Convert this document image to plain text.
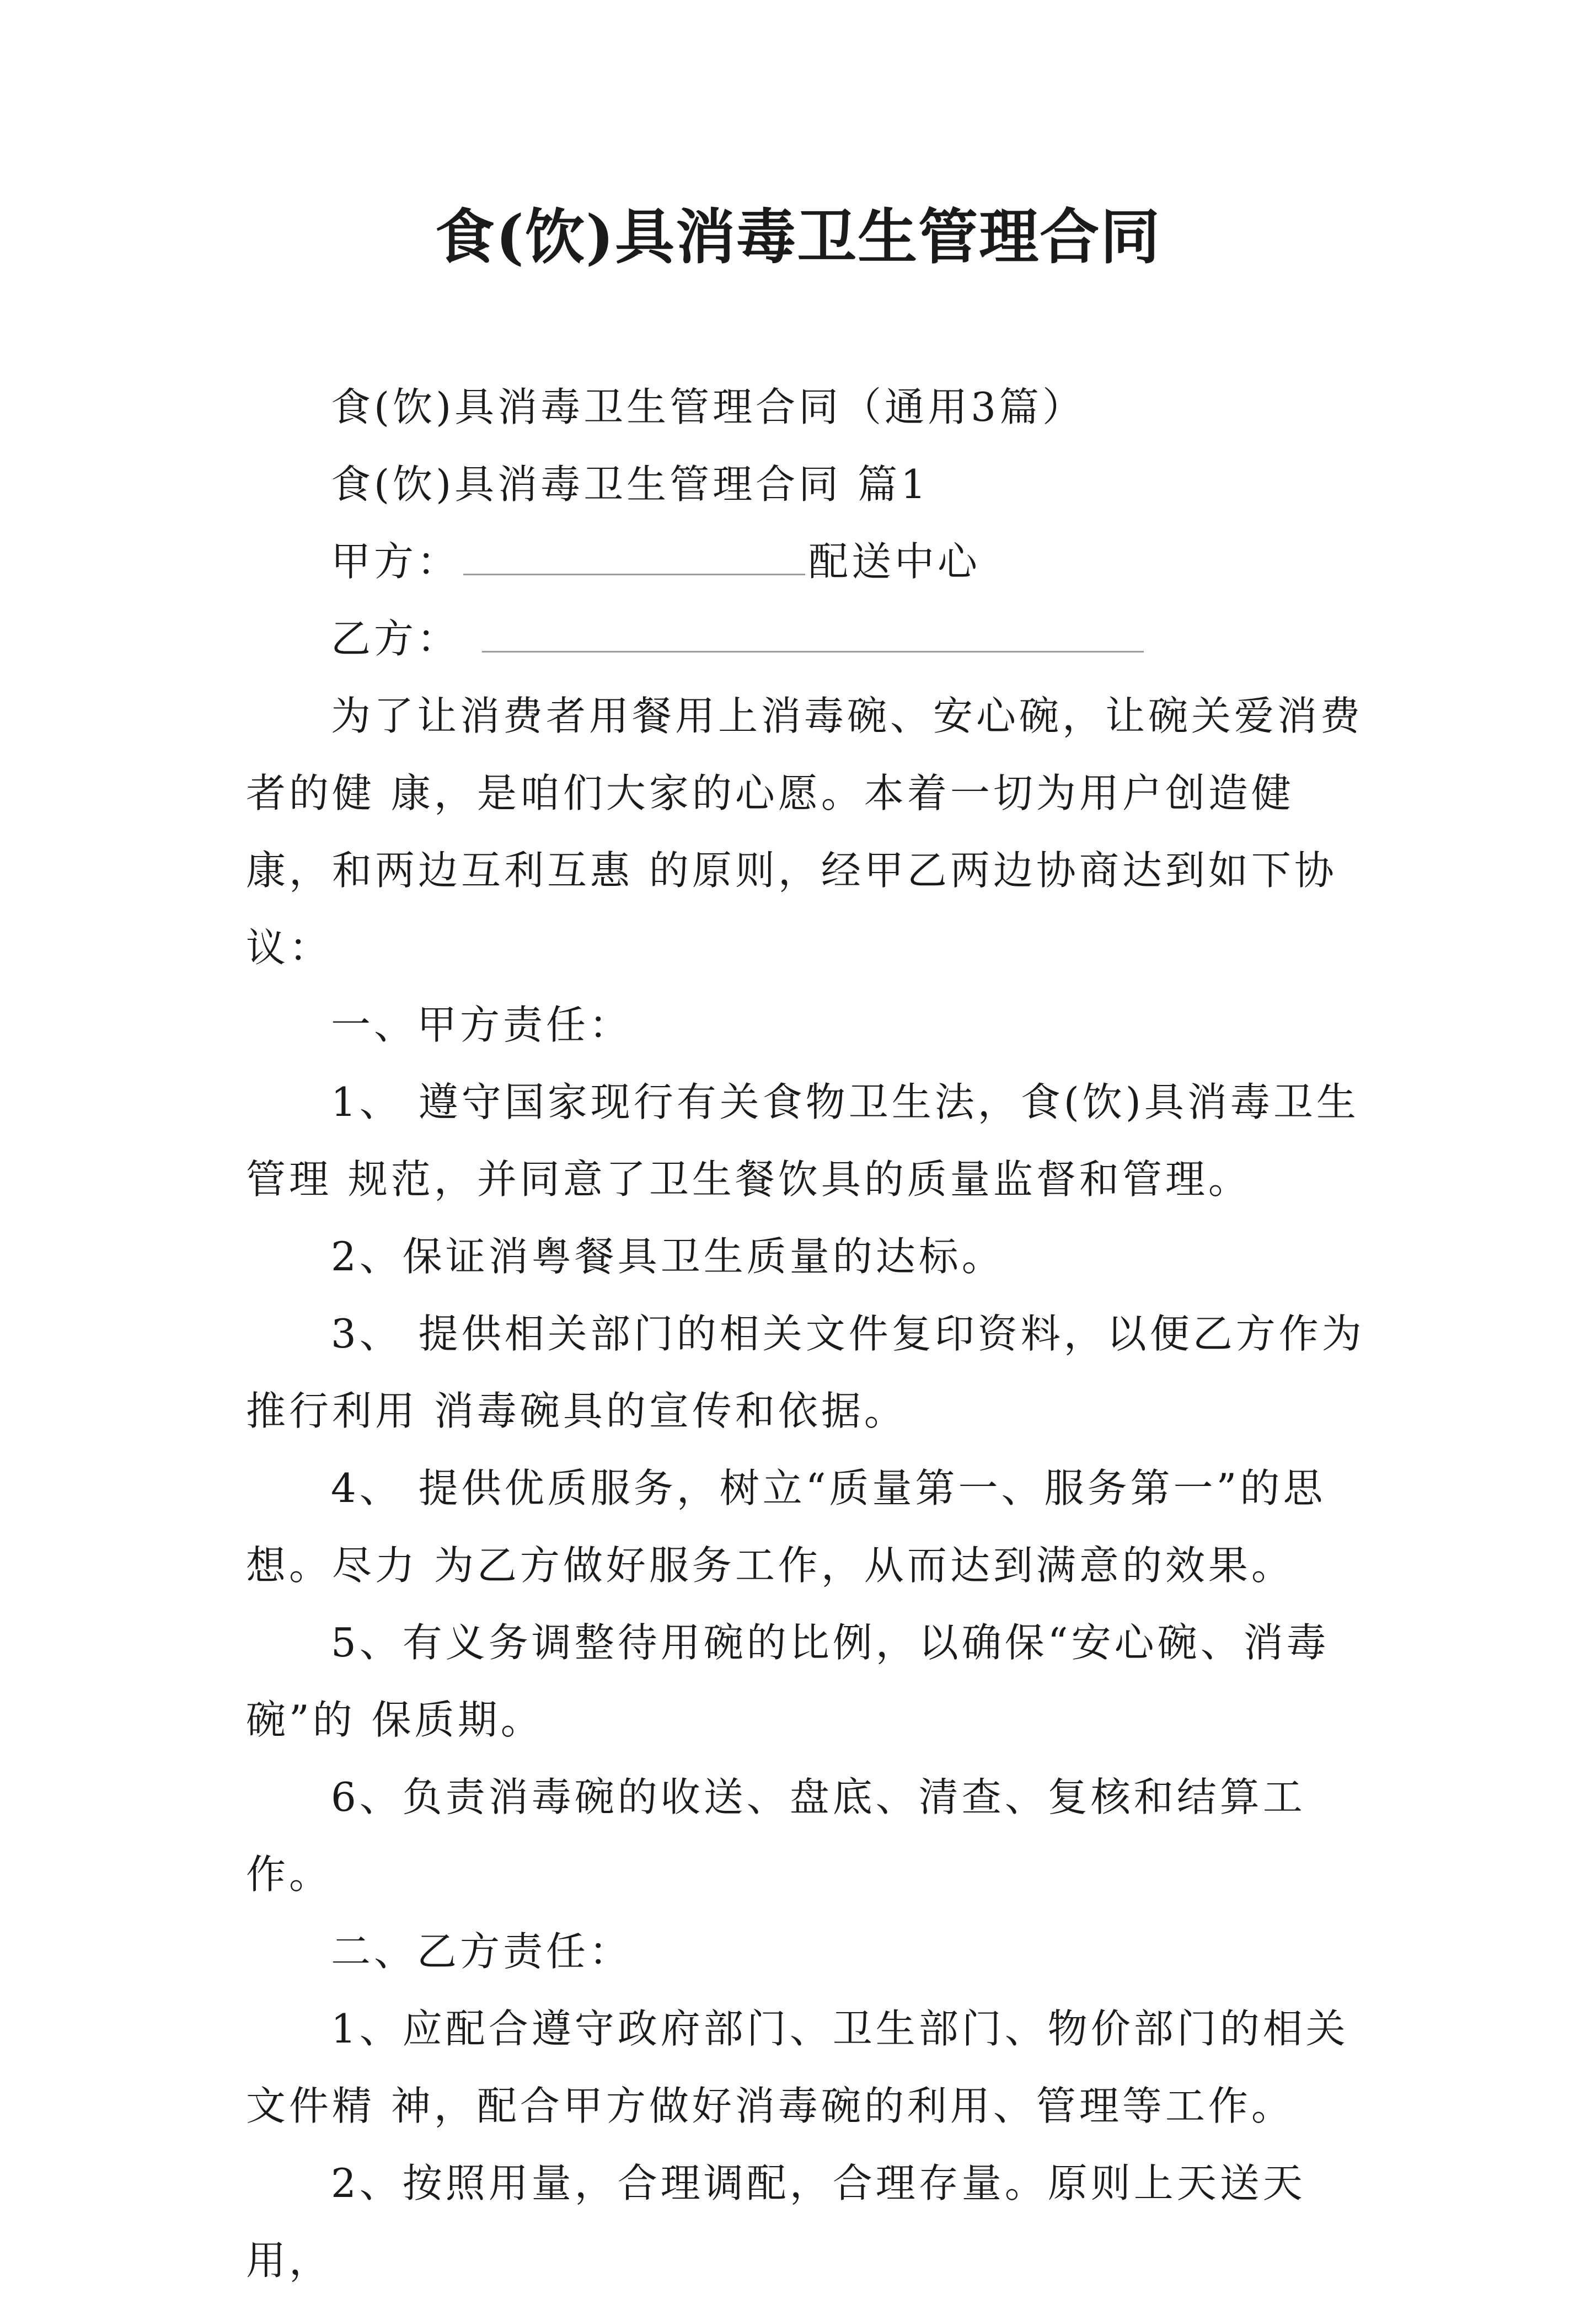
食(饮)具消毒卫生管理合同

食(饮)具消毒卫生管理合同（通用3篇）

食(饮)具消毒卫生管理合同 篇1

甲方：	配送中心

乙方：

为了让消费者用餐用上消毒碗、安心碗，让碗关爱消费者的健 康，是咱们大家的心愿。本着一切为用户创造健康，和两边互利互惠 的原则，经甲乙两边协商达到如下协议：

一、甲方责任：

1、 遵守国家现行有关食物卫生法，食(饮)具消毒卫生管理 规范，并同意了卫生餐饮具的质量监督和管理。

2、保证消粤餐具卫生质量的达标。

3、 提供相关部门的相关文件复印资料，以便乙方作为推行利用 消毒碗具的宣传和依据。

4、 提供优质服务，树立“质量第一、服务第一”的思想。尽力 为乙方做好服务工作，从而达到满意的效果。

5、有义务调整待用碗的比例，以确保“安心碗、消毒碗”的 保质期。

6、负责消毒碗的收送、盘底、清查、复核和结算工作。

二、乙方责任：

1、应配合遵守政府部门、卫生部门、物价部门的相关文件精 神，配合甲方做好消毒碗的利用、管理等工作。

2、按照用量，合理调配，合理存量。原则上天送天用，
